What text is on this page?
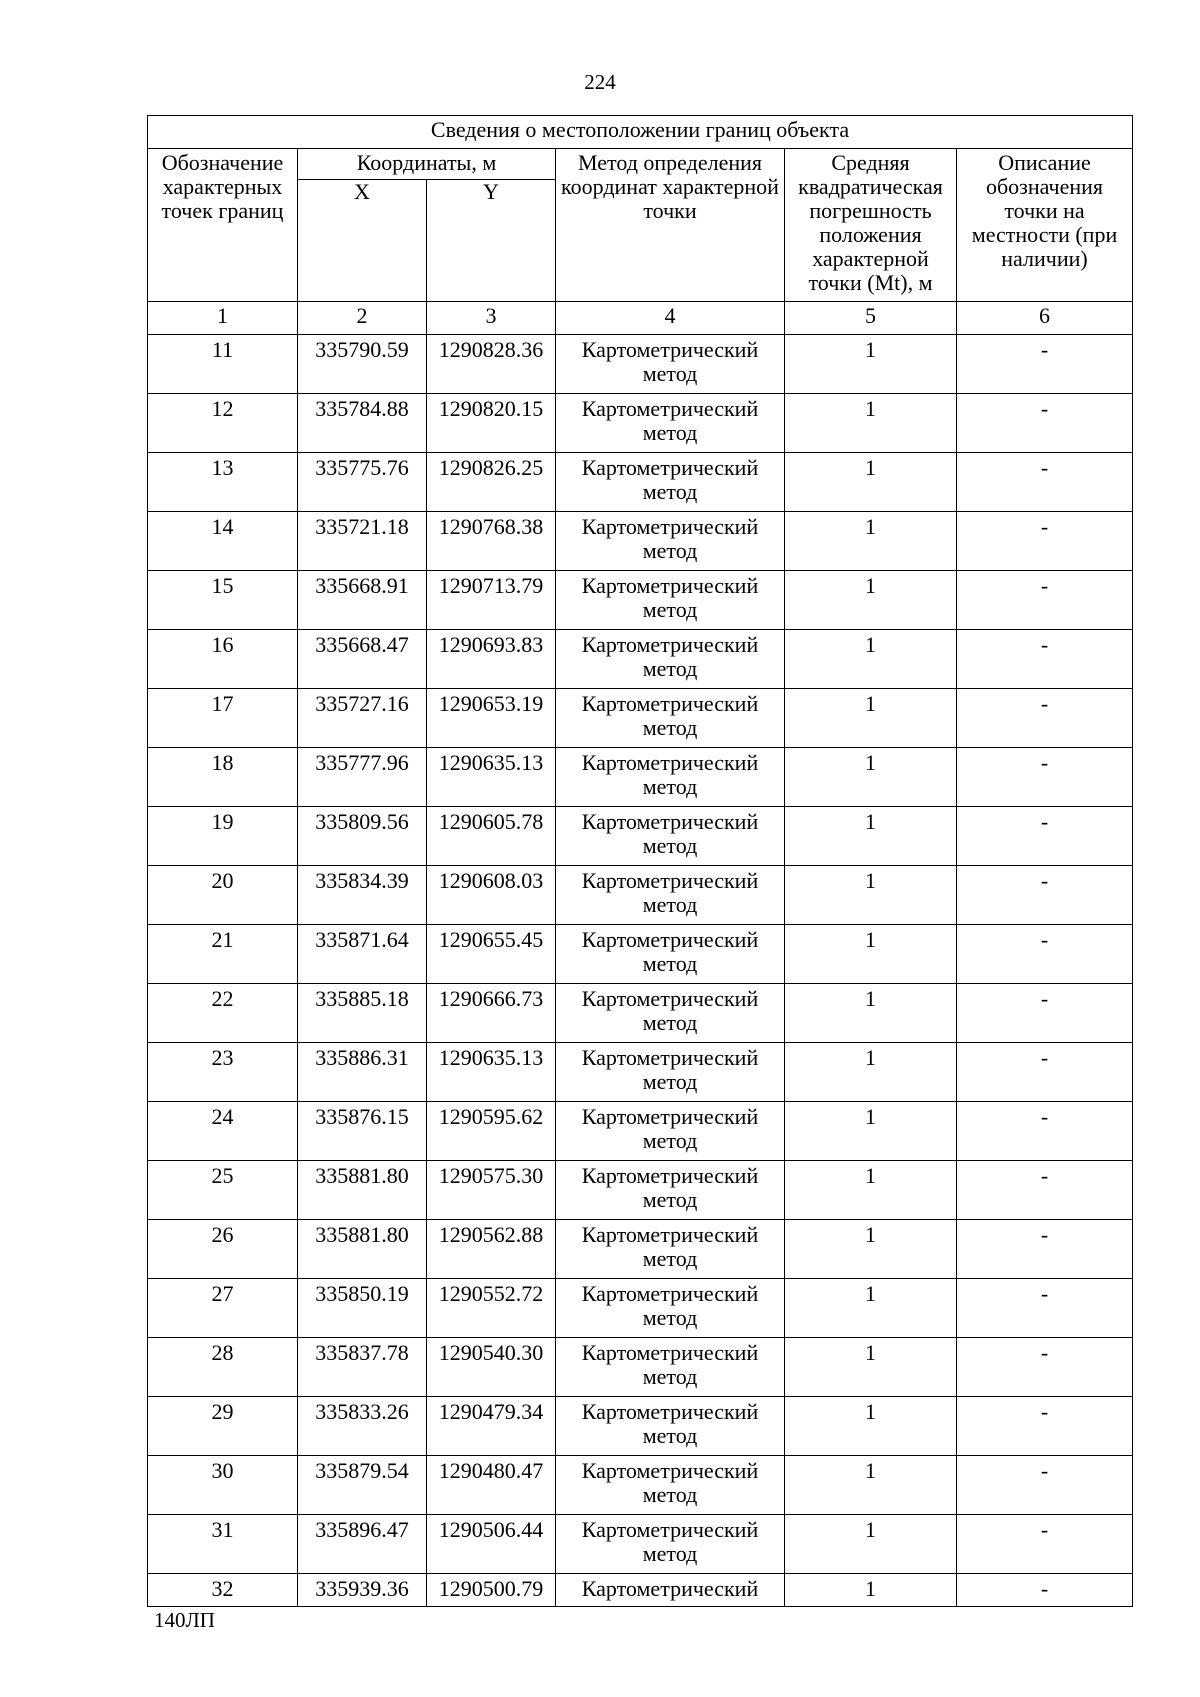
224
Сведения о местоположении границ объекта					
Обозначение характерных точек границ	Координаты, м		Метод определения координат характерной точки	Средняя квадратическая погрешность положения характерной точки (Mt), м	Описание обозначения точки на местности (при наличии)
	X	Y			
1	2	3	4	5	6
11	335790.59	1290828.36	Картометрический метод	1	-
12	335784.88	1290820.15	Картометрический метод	1	-
13	335775.76	1290826.25	Картометрический метод	1	-
14	335721.18	1290768.38	Картометрический метод	1	-
15	335668.91	1290713.79	Картометрический метод	1	-
16	335668.47	1290693.83	Картометрический метод	1	-
17	335727.16	1290653.19	Картометрический метод	1	-
18	335777.96	1290635.13	Картометрический метод	1	-
19	335809.56	1290605.78	Картометрический метод	1	-
20	335834.39	1290608.03	Картометрический метод	1	-
21	335871.64	1290655.45	Картометрический метод	1	-
22	335885.18	1290666.73	Картометрический метод	1	-
23	335886.31	1290635.13	Картометрический метод	1	-
24	335876.15	1290595.62	Картометрический метод	1	-
25	335881.80	1290575.30	Картометрический метод	1	-
26	335881.80	1290562.88	Картометрический метод	1	-
27	335850.19	1290552.72	Картометрический метод	1	-
28	335837.78	1290540.30	Картометрический метод	1	-
29	335833.26	1290479.34	Картометрический метод	1	-
30	335879.54	1290480.47	Картометрический метод	1	-
31	335896.47	1290506.44	Картометрический метод	1	-
32	335939.36	1290500.79	Картометрический	1	-
140ЛП
